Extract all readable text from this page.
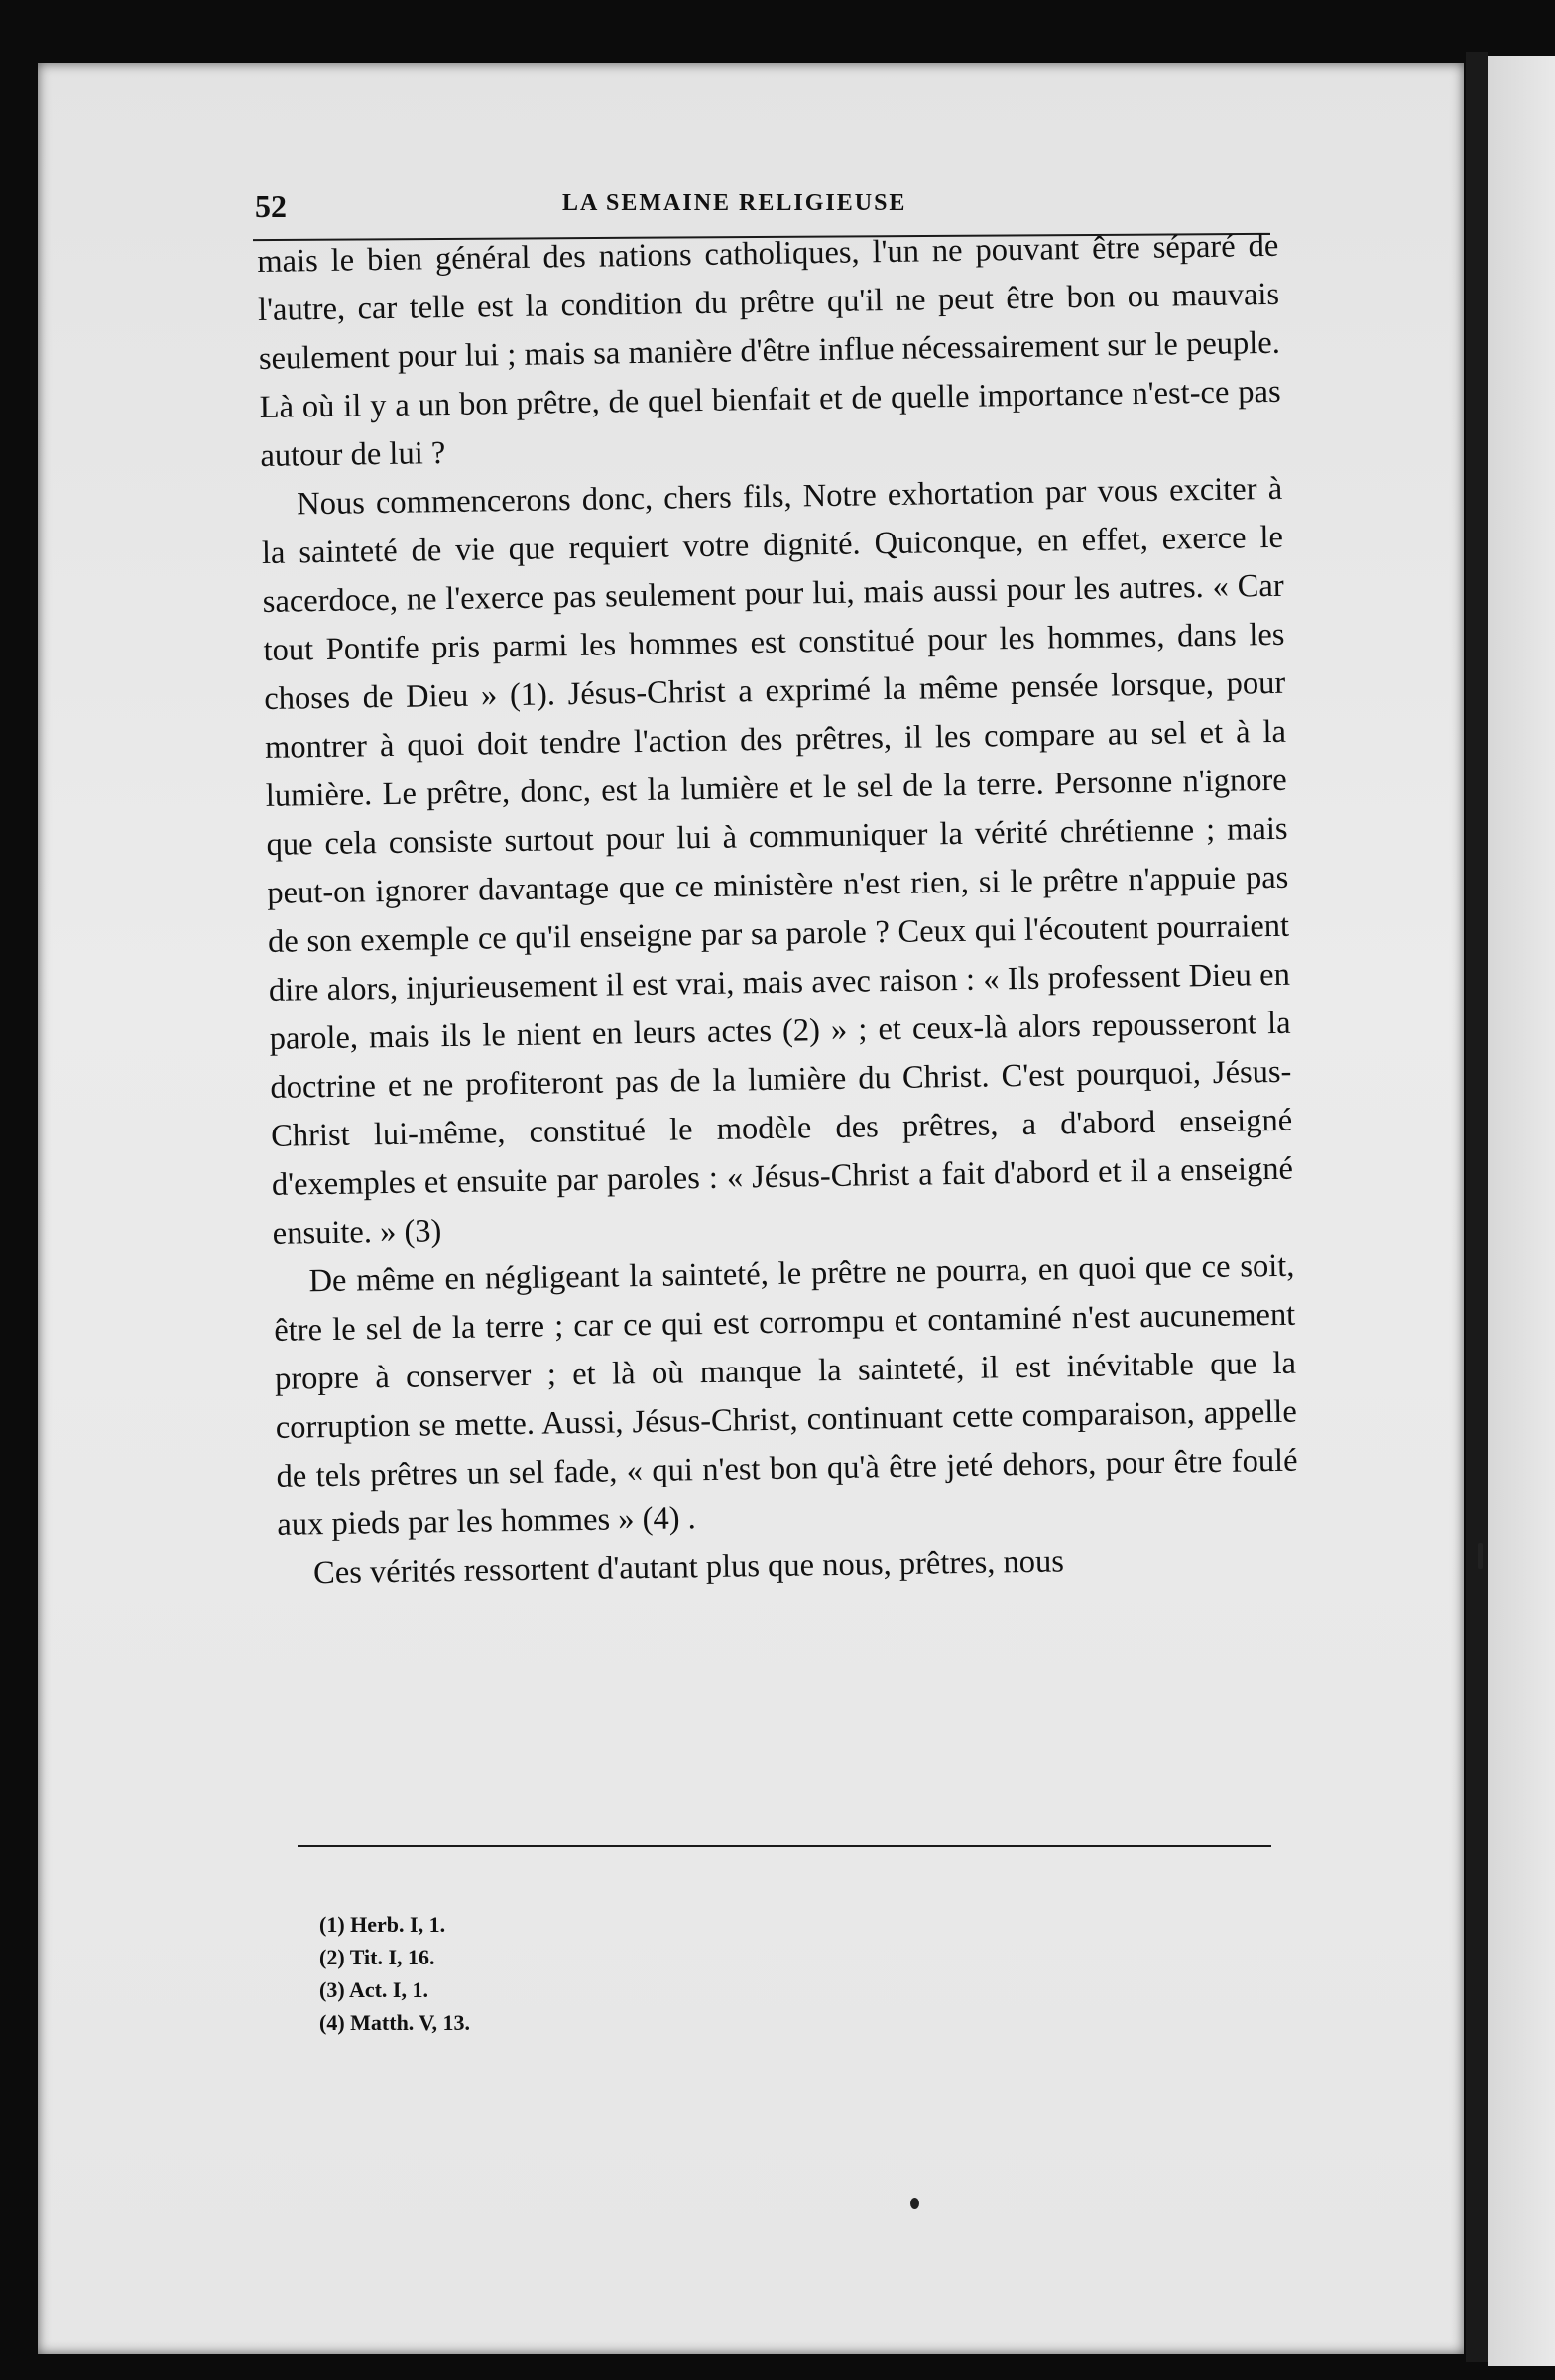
52	LA SEMAINE RELIGIEUSE

mais le bien général des nations catholiques, l'un ne pouvant être séparé de l'autre, car telle est la condition du prêtre qu'il ne peut être bon ou mauvais seulement pour lui ; mais sa manière d'être influe nécessairement sur le peuple. Là où il y a un bon prêtre, de quel bienfait et de quelle importance n'est-ce pas autour de lui ?

Nous commencerons donc, chers fils, Notre exhortation par vous exciter à la sainteté de vie que requiert votre dignité. Quiconque, en effet, exerce le sacerdoce, ne l'exerce pas seulement pour lui, mais aussi pour les autres. « Car tout Pontife pris parmi les hommes est constitué pour les hommes, dans les choses de Dieu » (1). Jésus-Christ a exprimé la même pensée lorsque, pour montrer à quoi doit tendre l'action des prêtres, il les compare au sel et à la lumière. Le prêtre, donc, est la lumière et le sel de la terre. Personne n'ignore que cela consiste surtout pour lui à communiquer la vérité chrétienne ; mais peut-on ignorer davantage que ce ministère n'est rien, si le prêtre n'appuie pas de son exemple ce qu'il enseigne par sa parole ? Ceux qui l'écoutent pourraient dire alors, injurieusement il est vrai, mais avec raison : « Ils professent Dieu en parole, mais ils le nient en leurs actes (2) » ; et ceux-là alors repousseront la doctrine et ne profiteront pas de la lumière du Christ. C'est pourquoi, Jésus-Christ lui-même, constitué le modèle des prêtres, a d'abord enseigné d'exemples et ensuite par paroles : « Jésus-Christ a fait d'abord et il a enseigné ensuite. » (3)

De même en négligeant la sainteté, le prêtre ne pourra, en quoi que ce soit, être le sel de la terre ; car ce qui est corrompu et contaminé n'est aucunement propre à conserver ; et là où manque la sainteté, il est inévitable que la corruption se mette. Aussi, Jésus-Christ, continuant cette comparaison, appelle de tels prêtres un sel fade, « qui n'est bon qu'à être jeté dehors, pour être foulé aux pieds par les hommes » (4) .

Ces vérités ressortent d'autant plus que nous, prêtres, nous

(1) Herb. I, 1.
(2) Tit. I, 16.
(3) Act. I, 1.
(4) Matth. V, 13.
